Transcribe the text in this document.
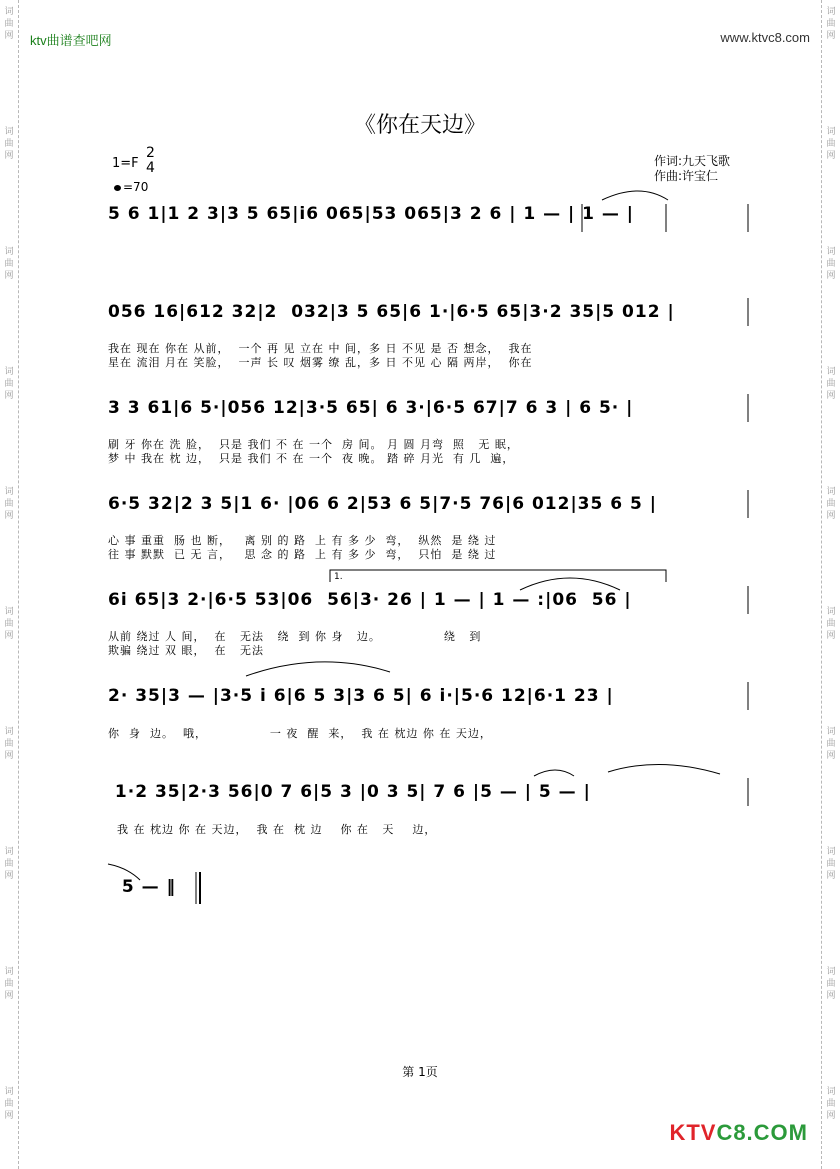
词
曲
网
词
曲
网
词
曲
网
词
曲
网
词
曲
网
词
曲
网
词
曲
网
词
曲
网
词
曲
网
词
曲
网
词
曲
网
词
曲
网
词
曲
网
词
曲
网
词
曲
网
词
曲
网
词
曲
网
词
曲
网
词
曲
网
词
曲
网
ktv曲谱查吧网	www.ktvc8.com
《你在天边》
1=F
2
4
=70
作词:九天飞歌
作曲:许宝仁
5 6 1|1 2 3|3 5 65|i6 065|53 065|3 2 6 | 1 — | 1 — |
056 16|612 32|2  032|3 5 65|6 1·|6·5 65|3·2 35|5 012 |
我在 现在 你在 从前，  一个 再 见 立在 中 间，多 日 不见 是 否 想念，  我在
星在 流泪 月在 笑脸，  一声 长 叹 烟雾 缭 乱，多 日 不见 心 隔 两岸，  你在
3 3 61|6 5·|056 12|3·5 65| 6 3·|6·5 67|7 6 3 | 6 5· |
刷 牙 你在 洗 脸，  只是 我们 不 在 一个  房 间。 月 圆 月弯  照   无 眠，
梦 中 我在 枕 边，  只是 我们 不 在 一个  夜 晚。 踏 碎 月光  有 几  遍，
6·5 32|2 3 5|1 6· |06 6 2|53 6 5|7·5 76|6 012|35 6 5 |
心 事 重重  肠 也 断，   离 别 的 路  上 有 多 少  弯，  纵然  是 绕 过
往 事 默默  已 无 言，   思 念 的 路  上 有 多 少  弯，  只怕  是 绕 过
6i 65|3 2·|6·5 53|06  56|3· 26 | 1 — | 1 — :|06  56 |
从前 绕过 人 间，  在   无法   绕  到 你 身   边。              绕   到
欺骗 绕过 双 眼，  在   无法
2· 35|3 — |3·5 i 6|6 5 3|3 6 5| 6 i·|5·6 12|6·1 23 |
你  身  边。  哦，              一 夜  醒  来，  我 在 枕边 你 在 天边，
1·2 35|2·3 56|0 7 6|5 3 |0 3 5| 7 6 |5 — | 5 — |
我 在 枕边 你 在 天边，  我 在  枕 边    你 在   天    边，
5 — ‖
1.
第 1页
KTVC8.COM
